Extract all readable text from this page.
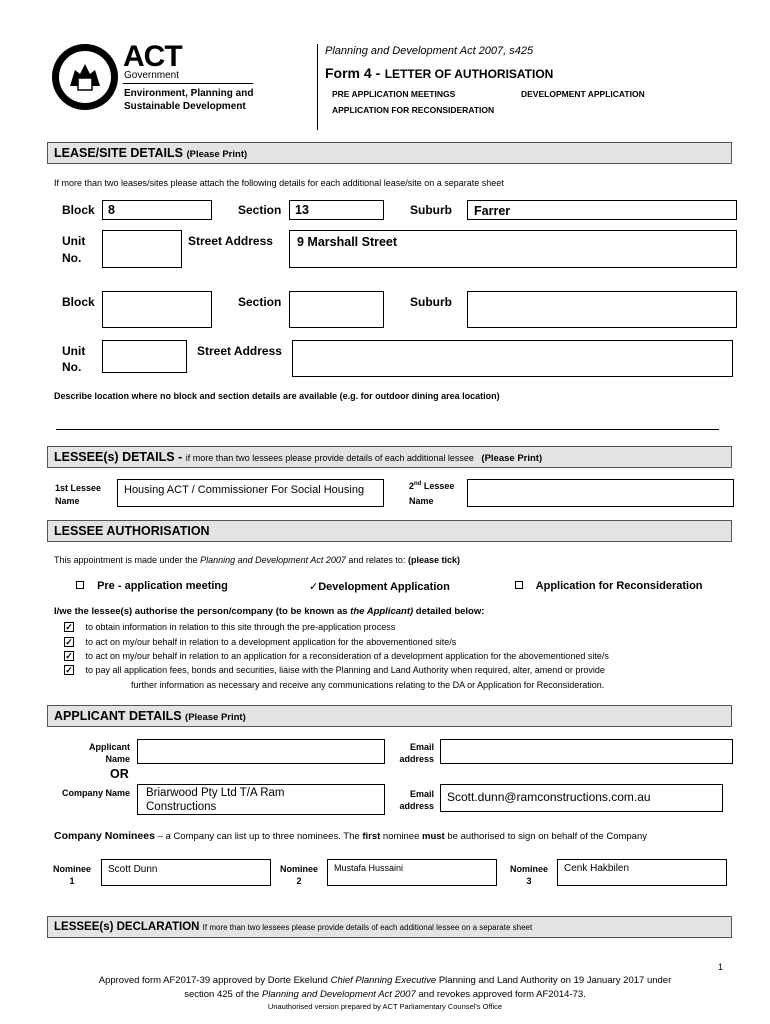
ACT
Government
Environment, Planning and
Sustainable Development
Planning and Development Act 2007, s425
Form 4 - LETTER OF AUTHORISATION
PRE APPLICATION MEETINGS	DEVELOPMENT APPLICATION
APPLICATION FOR RECONSIDERATION
LEASE/SITE DETAILS (Please Print)
If more than two leases/sites please attach the following details for each additional lease/site on a separate sheet
Block 8	Section 13	Suburb Farrer
Unit
No.
Street Address 9 Marshall Street
Block	Section	Suburb
Unit
No.
Street Address
Describe location where no block and section details are available (e.g. for outdoor dining area location)
LESSEE(s) DETAILS - if more than two lessees please provide details of each additional lessee (Please Print)
1st Lessee
Name
Housing ACT / Commissioner For Social Housing	2nd Lessee
Name
LESSEE AUTHORISATION
This appointment is made under the Planning and Development Act 2007 and relates to: (please tick)
Pre - application meeting	✓Development Application	Application for Reconsideration
I/we the lessee(s) authorise the person/company (to be known as the Applicant) detailed below:
✓ to obtain information in relation to this site through the pre-application process
✓ to act on my/our behalf in relation to a development application for the abovementioned site/s
✓ to act on my/our behalf in relation to an application for a reconsideration of a development application for the abovementioned site/s
✓ to pay all application fees, bonds and securities, liaise with the Planning and Land Authority when required, alter, amend or provide
further information as necessary and receive any communications relating to the DA or Application for Reconsideration.
APPLICANT DETAILS (Please Print)
Applicant
Name
Email
address
OR
Company Name Briarwood Pty Ltd T/A Ram
Constructions
Email
address
Scott.dunn@ramconstructions.com.au
Company Nominees – a Company can list up to three nominees. The first nominee must be authorised to sign on behalf of the Company
Nominee
1
Scott Dunn	Nominee
2
Mustafa Hussaini	Nominee
3
Cenk Hakbilen
LESSEE(s) DECLARATION If more than two lessees please provide details of each additional lessee on a separate sheet
1
Approved form AF2017-39 approved by Dorte Ekelund Chief Planning Executive Planning and Land Authority on 19 January 2017 under
section 425 of the Planning and Development Act 2007 and revokes approved form AF2014-73.
Unauthorised version prepared by ACT Parliamentary Counsel's Office
